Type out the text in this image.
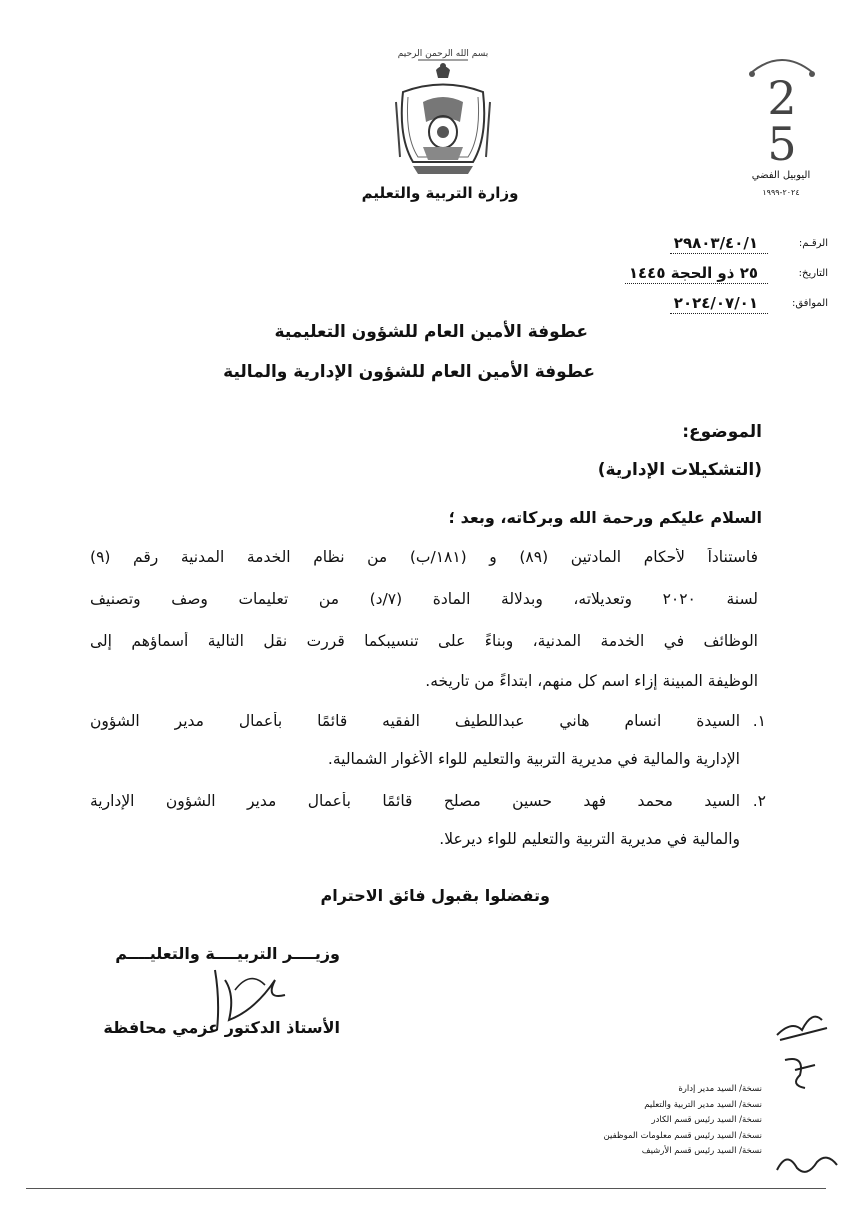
بسم الله الرحمن الرحيم
وزارة التربية والتعليم
2
5
اليوبيل الفضي
٢٠٢٤-١٩٩٩
الرقـم:
٢٩٨٠٣/٤٠/١
التاريخ:
٢٥ ذو الحجة ١٤٤٥
الموافق:
٢٠٢٤/٠٧/٠١
عطوفة الأمين العام للشؤون التعليمية
عطوفة الأمين العام للشؤون الإدارية والمالية
الموضوع:
(التشكيلات الإدارية)
السلام عليكم ورحمة الله وبركاته، وبعد ؛
فاستناداً لأحكام المادتين (٨٩) و (١٨١/ب) من نظام الخدمة المدنية رقم (٩)
لسنة ٢٠٢٠ وتعديلاته، وبدلالة المادة (٧/د) من تعليمات وصف وتصنيف
الوظائف في الخدمة المدنية، وبناءً على تنسيبكما قررت نقل التالية أسماؤهم إلى
الوظيفة المبينة إزاء اسم كل منهم، ابتداءً من تاريخه.
١.
السيدة انسام هاني عبداللطيف الفقيه قائمًا بأعمال مدير الشؤون
الإدارية والمالية في مديرية التربية والتعليم للواء الأغوار الشمالية.
٢.
السيد محمد فهد حسين مصلح قائمًا بأعمال مدير الشؤون الإدارية
والمالية في مديرية التربية والتعليم للواء ديرعلا.
وتفضلوا بقبول فائق الاحترام
وزيــــر التربيــــة والتعليــــم
الأستاذ الدكتور عزمي محافظة
نسخة/ السيد مدير إدارة
نسخة/ السيد مدير التربية والتعليم
نسخة/ السيد رئيس قسم الكادر
نسخة/ السيد رئيس قسم معلومات الموظفين
نسخة/ السيد رئيس قسم الأرشيف
